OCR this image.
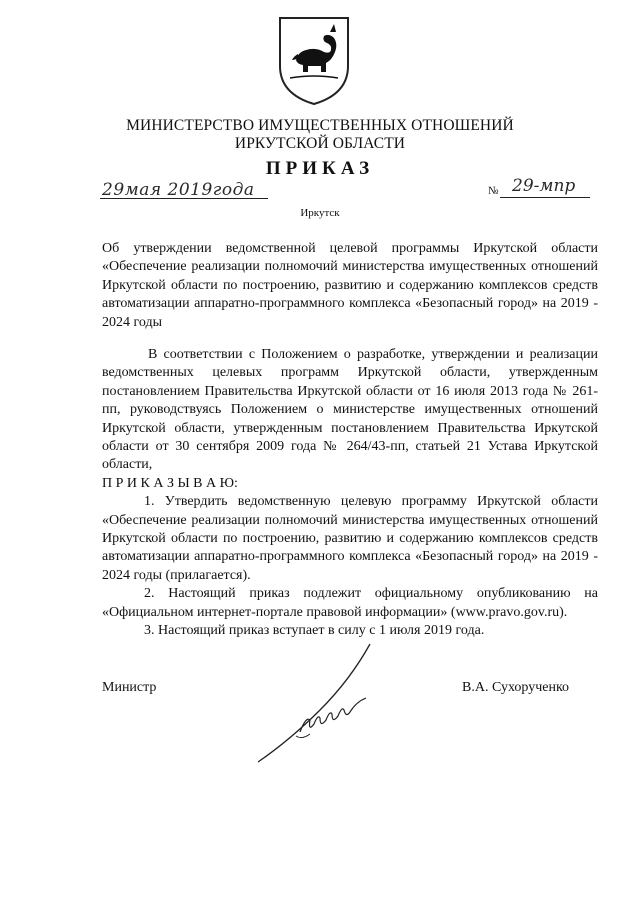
МИНИСТЕРСТВО ИМУЩЕСТВЕННЫХ ОТНОШЕНИЙ
ИРКУТСКОЙ ОБЛАСТИ
ПРИКАЗ
29мая 2019года	№ 29-мпр
Иркутск

Об утверждении ведомственной целевой программы Иркутской области «Обеспечение реализации полномочий министерства имущественных отношений Иркутской области по построению, развитию и содержанию комплексов средств автоматизации аппаратно-программного комплекса «Безопасный город» на 2019 - 2024 годы

В соответствии с Положением о разработке, утверждении и реализации ведомственных целевых программ Иркутской области, утвержденным постановлением Правительства Иркутской области от 16 июля 2013 года № 261-пп, руководствуясь Положением о министерстве имущественных отношений Иркутской области, утвержденным постановлением Правительства Иркутской области от 30 сентября 2009 года № 264/43-пп, статьей 21 Устава Иркутской области,

П Р И К А З Ы В А Ю:

1. Утвердить ведомственную целевую программу Иркутской области «Обеспечение реализации полномочий министерства имущественных отношений Иркутской области по построению, развитию и содержанию комплексов средств автоматизации аппаратно-программного комплекса «Безопасный город» на 2019 - 2024 годы (прилагается).

2. Настоящий приказ подлежит официальному опубликованию на «Официальном интернет-портале правовой информации» (www.pravo.gov.ru).

3. Настоящий приказ вступает в силу с 1 июля 2019 года.

Министр	В.А. Сухорученко
